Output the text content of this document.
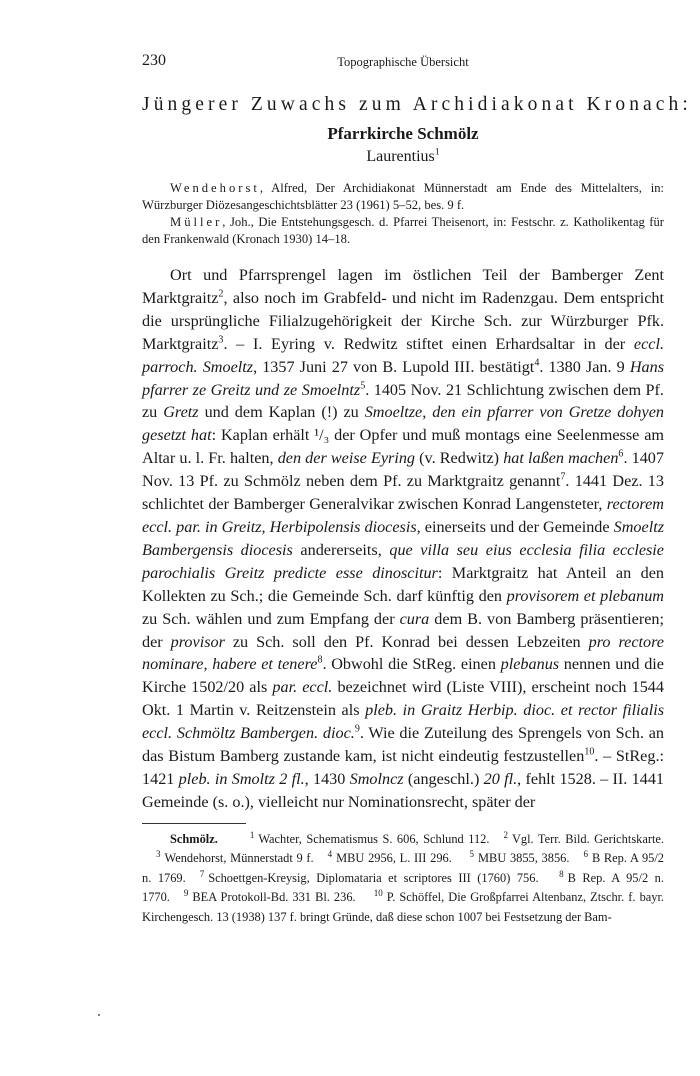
230	Topographische Übersicht
Jüngerer Zuwachs zum Archidiakonat Kronach:
Pfarrkirche Schmölz
Laurentius$^1$
Wendehorst, Alfred, Der Archidiakonat Münnerstadt am Ende des Mittelalters, in: Würzburger Diözesangeschichtsblätter 23 (1961) 5–52, bes. 9 f.
Müller, Joh., Die Entstehungsgesch. d. Pfarrei Theisenort, in: Festschr. z. Katholikentag für den Frankenwald (Kronach 1930) 14–18.

Ort und Pfarrsprengel lagen im östlichen Teil der Bamberger Zent Marktgraitz$^2$, also noch im Grabfeld- und nicht im Radenzgau. Dem entspricht die ursprüngliche Filialzugehörigkeit der Kirche Sch. zur Würzburger Pfk. Marktgraitz$^3$. – I. Eyring v. Redwitz stiftet einen Erhardsaltar in der eccl. parroch. Smoeltz, 1357 Juni 27 von B. Lupold III. bestätigt$^4$. 1380 Jan. 9 Hans pfarrer ze Greitz und ze Smoelntz$^5$. 1405 Nov. 21 Schlichtung zwischen dem Pf. zu Gretz und dem Kaplan (!) zu Smoeltze, den ein pfarrer von Gretze dohyen gesetzt hat: Kaplan erhält ¹/₃ der Opfer und muß montags eine Seelenmesse am Altar u. l. Fr. halten, den der weise Eyring (v. Redwitz) hat laßen machen$^6$. 1407 Nov. 13 Pf. zu Schmölz neben dem Pf. zu Marktgraitz genannt$^7$. 1441 Dez. 13 schlichtet der Bamberger Generalvikar zwischen Konrad Langensteter, rectorem eccl. par. in Greitz, Herbipolensis diocesis, einerseits und der Gemeinde Smoeltz Bambergensis diocesis andererseits, que villa seu eius ecclesia filia ecclesie parochialis Greitz predicte esse dinoscitur: Marktgraitz hat Anteil an den Kollekten zu Sch.; die Gemeinde Sch. darf künftig den provisorem et plebanum zu Sch. wählen und zum Empfang der cura dem B. von Bamberg präsentieren; der provisor zu Sch. soll den Pf. Konrad bei dessen Lebzeiten pro rectore nominare, habere et tenere$^8$. Obwohl die StReg. einen plebanus nennen und die Kirche 1502/20 als par. eccl. bezeichnet wird (Liste VIII), erscheint noch 1544 Okt. 1 Martin v. Reitzenstein als pleb. in Graitz Herbip. dioc. et rector filialis eccl. Schmöltz Bambergen. dioc.$^9$. Wie die Zuteilung des Sprengels von Sch. an das Bistum Bamberg zustande kam, ist nicht eindeutig festzustellen$^{10}$. – StReg.: 1421 pleb. in Smoltz 2 fl., 1430 Smolncz (angeschl.) 20 fl., fehlt 1528. – II. 1441 Gemeinde (s. o.), vielleicht nur Nominationsrecht, später der

Schmölz.	$^1$ Wachter, Schematismus S. 606, Schlund 112. $^2$ Vgl. Terr. Bild. Gerichtskarte. $^3$ Wendehorst, Münnerstadt 9 f. $^4$ MBU 2956, L. III 296. $^5$ MBU 3855, 3856. $^6$ B Rep. A 95/2 n. 1769. $^7$ Schoettgen-Kreysig, Diplomataria et scriptores III (1760) 756. $^8$ B Rep. A 95/2 n. 1770. $^9$ BEA Protokoll-Bd. 331 Bl. 236. $^{10}$ P. Schöffel, Die Großpfarrei Altenbanz, Ztschr. f. bayr. Kirchengesch. 13 (1938) 137 f. bringt Gründe, daß diese schon 1007 bei Festsetzung der Bam-
